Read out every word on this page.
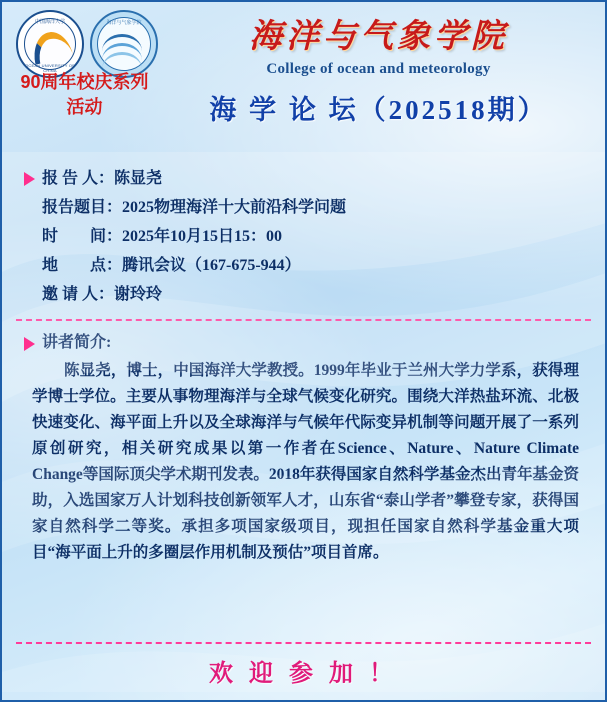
中国海洋大学
OCEAN UNIVERSITY OF CHINA
海洋与气象学院
90周年校庆系列活动
海洋与气象学院
College of ocean and meteorology
海 学 论 坛（202518期）
报 告 人： 陈显尧
报告题目： 2025物理海洋十大前沿科学问题
时　　间： 2025年10月15日15：00
地　　点： 腾讯会议（167-675-944）
邀 请 人： 谢玲玲
讲者简介:
陈显尧，博士，中国海洋大学教授。1999年毕业于兰州大学力学系，获得理学博士学位。主要从事物理海洋与全球气候变化研究。围绕大洋热盐环流、北极快速变化、海平面上升以及全球海洋与气候年代际变异机制等问题开展了一系列原创研究，相关研究成果以第一作者在Science、Nature、Nature Climate Change等国际顶尖学术期刊发表。2018年获得国家自然科学基金杰出青年基金资助，入选国家万人计划科技创新领军人才，山东省“泰山学者”攀登专家，获得国家自然科学二等奖。承担多项国家级项目，现担任国家自然科学基金重大项目“海平面上升的多圈层作用机制及预估”项目首席。
欢 迎 参 加 ！
